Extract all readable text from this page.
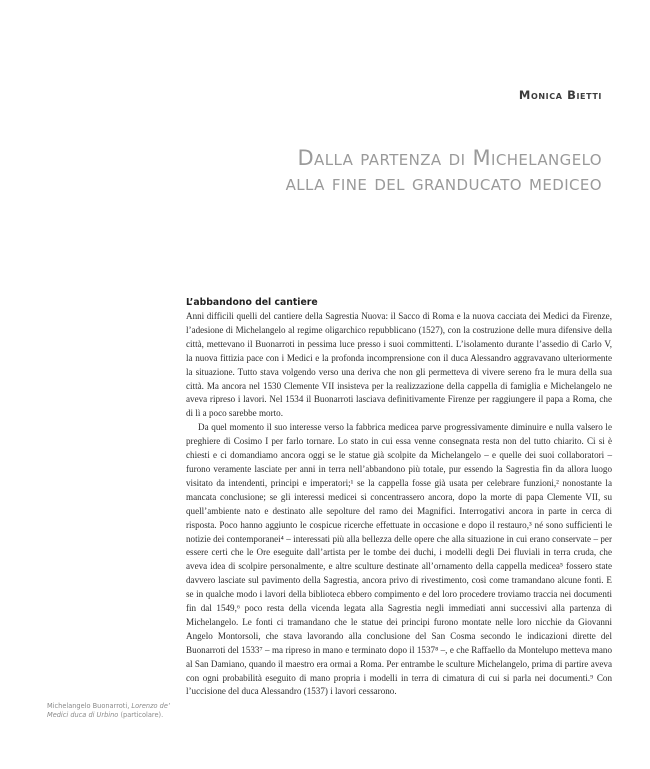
Monica Bietti
Dalla partenza di Michelangelo
alla fine del granducato mediceo
L’abbandono del cantiere

Anni difficili quelli del cantiere della Sagrestia Nuova: il Sacco di Roma e la nuova cacciata dei Medici da Firenze, l’adesione di Michelangelo al regime oligarchico repubblicano (1527), con la costruzione delle mura difensive della città, mettevano il Buonarroti in pessima luce presso i suoi committenti. L’isolamento durante l’assedio di Carlo V, la nuova fittizia pace con i Medici e la profonda incomprensione con il duca Alessandro aggravavano ulteriormente la situazione. Tutto stava volgendo verso una deriva che non gli permetteva di vivere sereno fra le mura della sua città. Ma ancora nel 1530 Clemente VII insisteva per la realizzazione della cappella di famiglia e Michelangelo ne aveva ripreso i lavori. Nel 1534 il Buonarroti lasciava definitivamente Firenze per raggiungere il papa a Roma, che di lì a poco sarebbe morto.

Da quel momento il suo interesse verso la fabbrica medicea parve progressivamente diminuire e nulla valsero le preghiere di Cosimo I per farlo tornare. Lo stato in cui essa venne consegnata resta non del tutto chiarito. Ci si è chiesti e ci domandiamo ancora oggi se le statue già scolpite da Michelangelo – e quelle dei suoi collaboratori – furono veramente lasciate per anni in terra nell’abbandono più totale, pur essendo la Sagrestia fin da allora luogo visitato da intendenti, principi e imperatori;¹ se la cappella fosse già usata per celebrare funzioni,² nonostante la mancata conclusione; se gli interessi medicei si concentrassero ancora, dopo la morte di papa Clemente VII, su quell’ambiente nato e destinato alle sepolture del ramo dei Magnifici. Interrogativi ancora in parte in cerca di risposta. Poco hanno aggiunto le cospicue ricerche effettuate in occasione e dopo il restauro,³ né sono sufficienti le notizie dei contemporanei⁴ – interessati più alla bellezza delle opere che alla situazione in cui erano conservate – per essere certi che le Ore eseguite dall’artista per le tombe dei duchi, i modelli degli Dei fluviali in terra cruda, che aveva idea di scolpire personalmente, e altre sculture destinate all’ornamento della cappella medicea⁵ fossero state davvero lasciate sul pavimento della Sagrestia, ancora privo di rivestimento, così come tramandano alcune fonti. E se in qualche modo i lavori della biblioteca ebbero compimento e del loro procedere troviamo traccia nei documenti fin dal 1549,⁶ poco resta della vicenda legata alla Sagrestia negli immediati anni successivi alla partenza di Michelangelo. Le fonti ci tramandano che le statue dei principi furono montate nelle loro nicchie da Giovanni Angelo Montorsoli, che stava lavorando alla conclusione del San Cosma secondo le indicazioni dirette del Buonarroti del 1533⁷ – ma ripreso in mano e terminato dopo il 1537⁸ –, e che Raffaello da Montelupo metteva mano al San Damiano, quando il maestro era ormai a Roma. Per entrambe le sculture Michelangelo, prima di partire aveva con ogni probabilità eseguito di mano propria i modelli in terra di cimatura di cui si parla nei documenti.⁹ Con l’uccisione del duca Alessandro (1537) i lavori cessarono.

Michelangelo Buonarroti, Lorenzo de’ Medici duca di Urbino (particolare).
